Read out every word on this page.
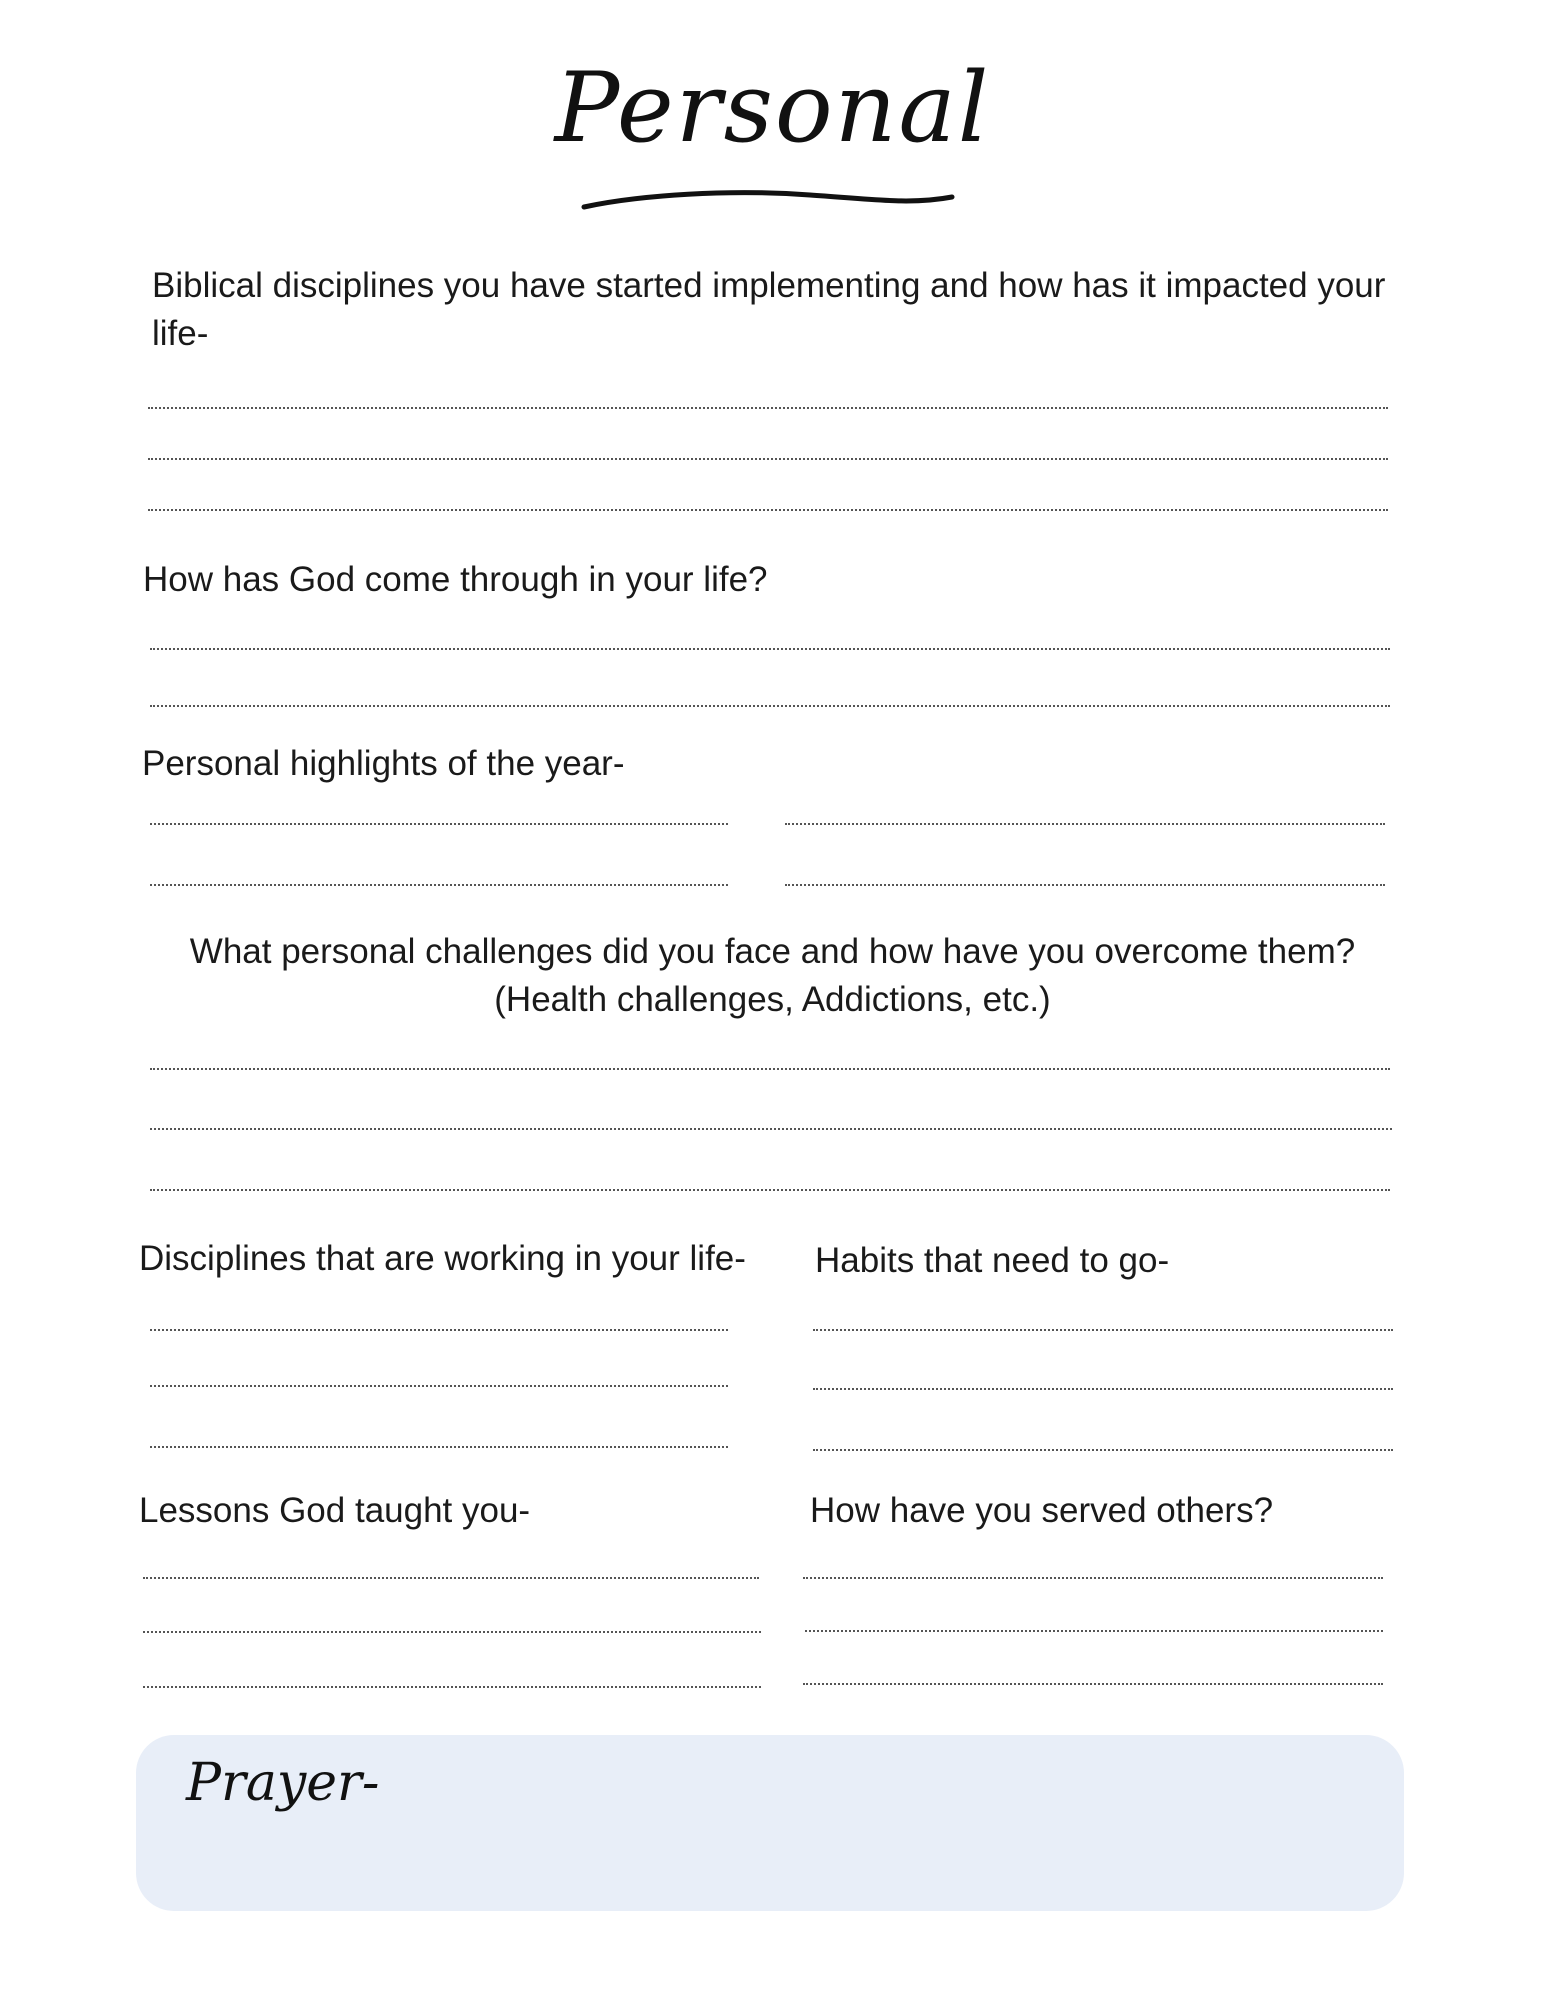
Personal
Biblical disciplines you have started implementing and how has it impacted your life-
How has God come through in your life?
Personal highlights of the year-
What personal challenges did you face and how have you overcome them?
(Health challenges, Addictions, etc.)
Disciplines that are working in your life- Habits that need to go-
Lessons God taught you-	How have you served others?
Prayer-
